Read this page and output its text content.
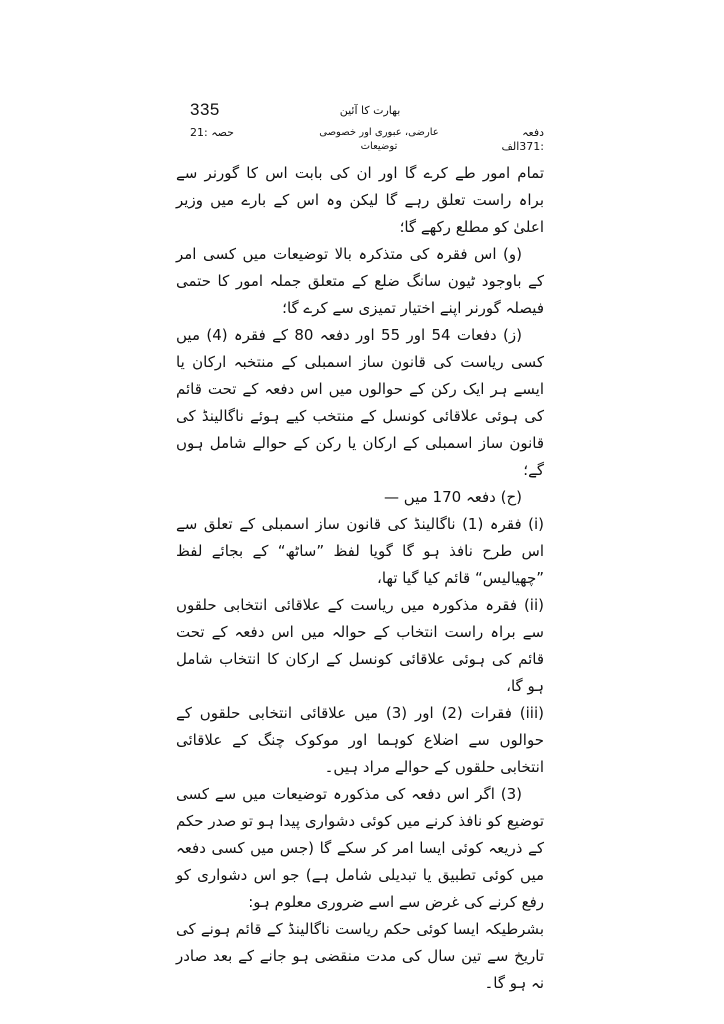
335	بھارت کا آئین
حصہ :21	عارضی، عبوری اور خصوصی توضیعات
دفعہ :371الف

تمام امور طے کرے گا اور ان کی بابت اس کا گورنر سے براہ راست تعلق رہے گا لیکن وہ اس کے بارے میں وزیر اعلیٰ کو مطلع رکھے گا؛

(و) اس فقرہ کی متذکرہ بالا توضیعات میں کسی امر کے باوجود ٹیون سانگ ضلع کے متعلق جملہ امور کا حتمی فیصلہ گورنر اپنے اختیار تمیزی سے کرے گا؛

(ز) دفعات 54 اور 55 اور دفعہ 80 کے فقرہ (4) میں کسی ریاست کی قانون ساز اسمبلی کے منتخبہ ارکان یا ایسے ہر ایک رکن کے حوالوں میں اس دفعہ کے تحت قائم کی ہوئی علاقائی کونسل کے منتخب کیے ہوئے ناگالینڈ کی قانون ساز اسمبلی کے ارکان یا رکن کے حوالے شامل ہوں گے؛

(ح) دفعہ 170 میں —

(i) فقرہ (1) ناگالینڈ کی قانون ساز اسمبلی کے تعلق سے اس طرح نافذ ہو گا گویا لفظ ”ساٹھ“ کے بجائے لفظ ”چھیالیس“ قائم کیا گیا تھا،

(ii) فقرہ مذکورہ میں ریاست کے علاقائی انتخابی حلقوں سے براہ راست انتخاب کے حوالہ میں اس دفعہ کے تحت قائم کی ہوئی علاقائی کونسل کے ارکان کا انتخاب شامل ہو گا،

(iii) فقرات (2) اور (3) میں علاقائی انتخابی حلقوں کے حوالوں سے اضلاع کوہما اور موکوک چنگ کے علاقائی انتخابی حلقوں کے حوالے مراد ہیں۔

(3) اگر اس دفعہ کی مذکورہ توضیعات میں سے کسی توضیع کو نافذ کرنے میں کوئی دشواری پیدا ہو تو صدر حکم کے ذریعہ کوئی ایسا امر کر سکے گا (جس میں کسی دفعہ میں کوئی تطبیق یا تبدیلی شامل ہے) جو اس دشواری کو رفع کرنے کی غرض سے اسے ضروری معلوم ہو:

بشرطیکہ ایسا کوئی حکم ریاست ناگالینڈ کے قائم ہونے کی تاریخ سے تین سال کی مدت منقضی ہو جانے کے بعد صادر نہ ہو گا۔
